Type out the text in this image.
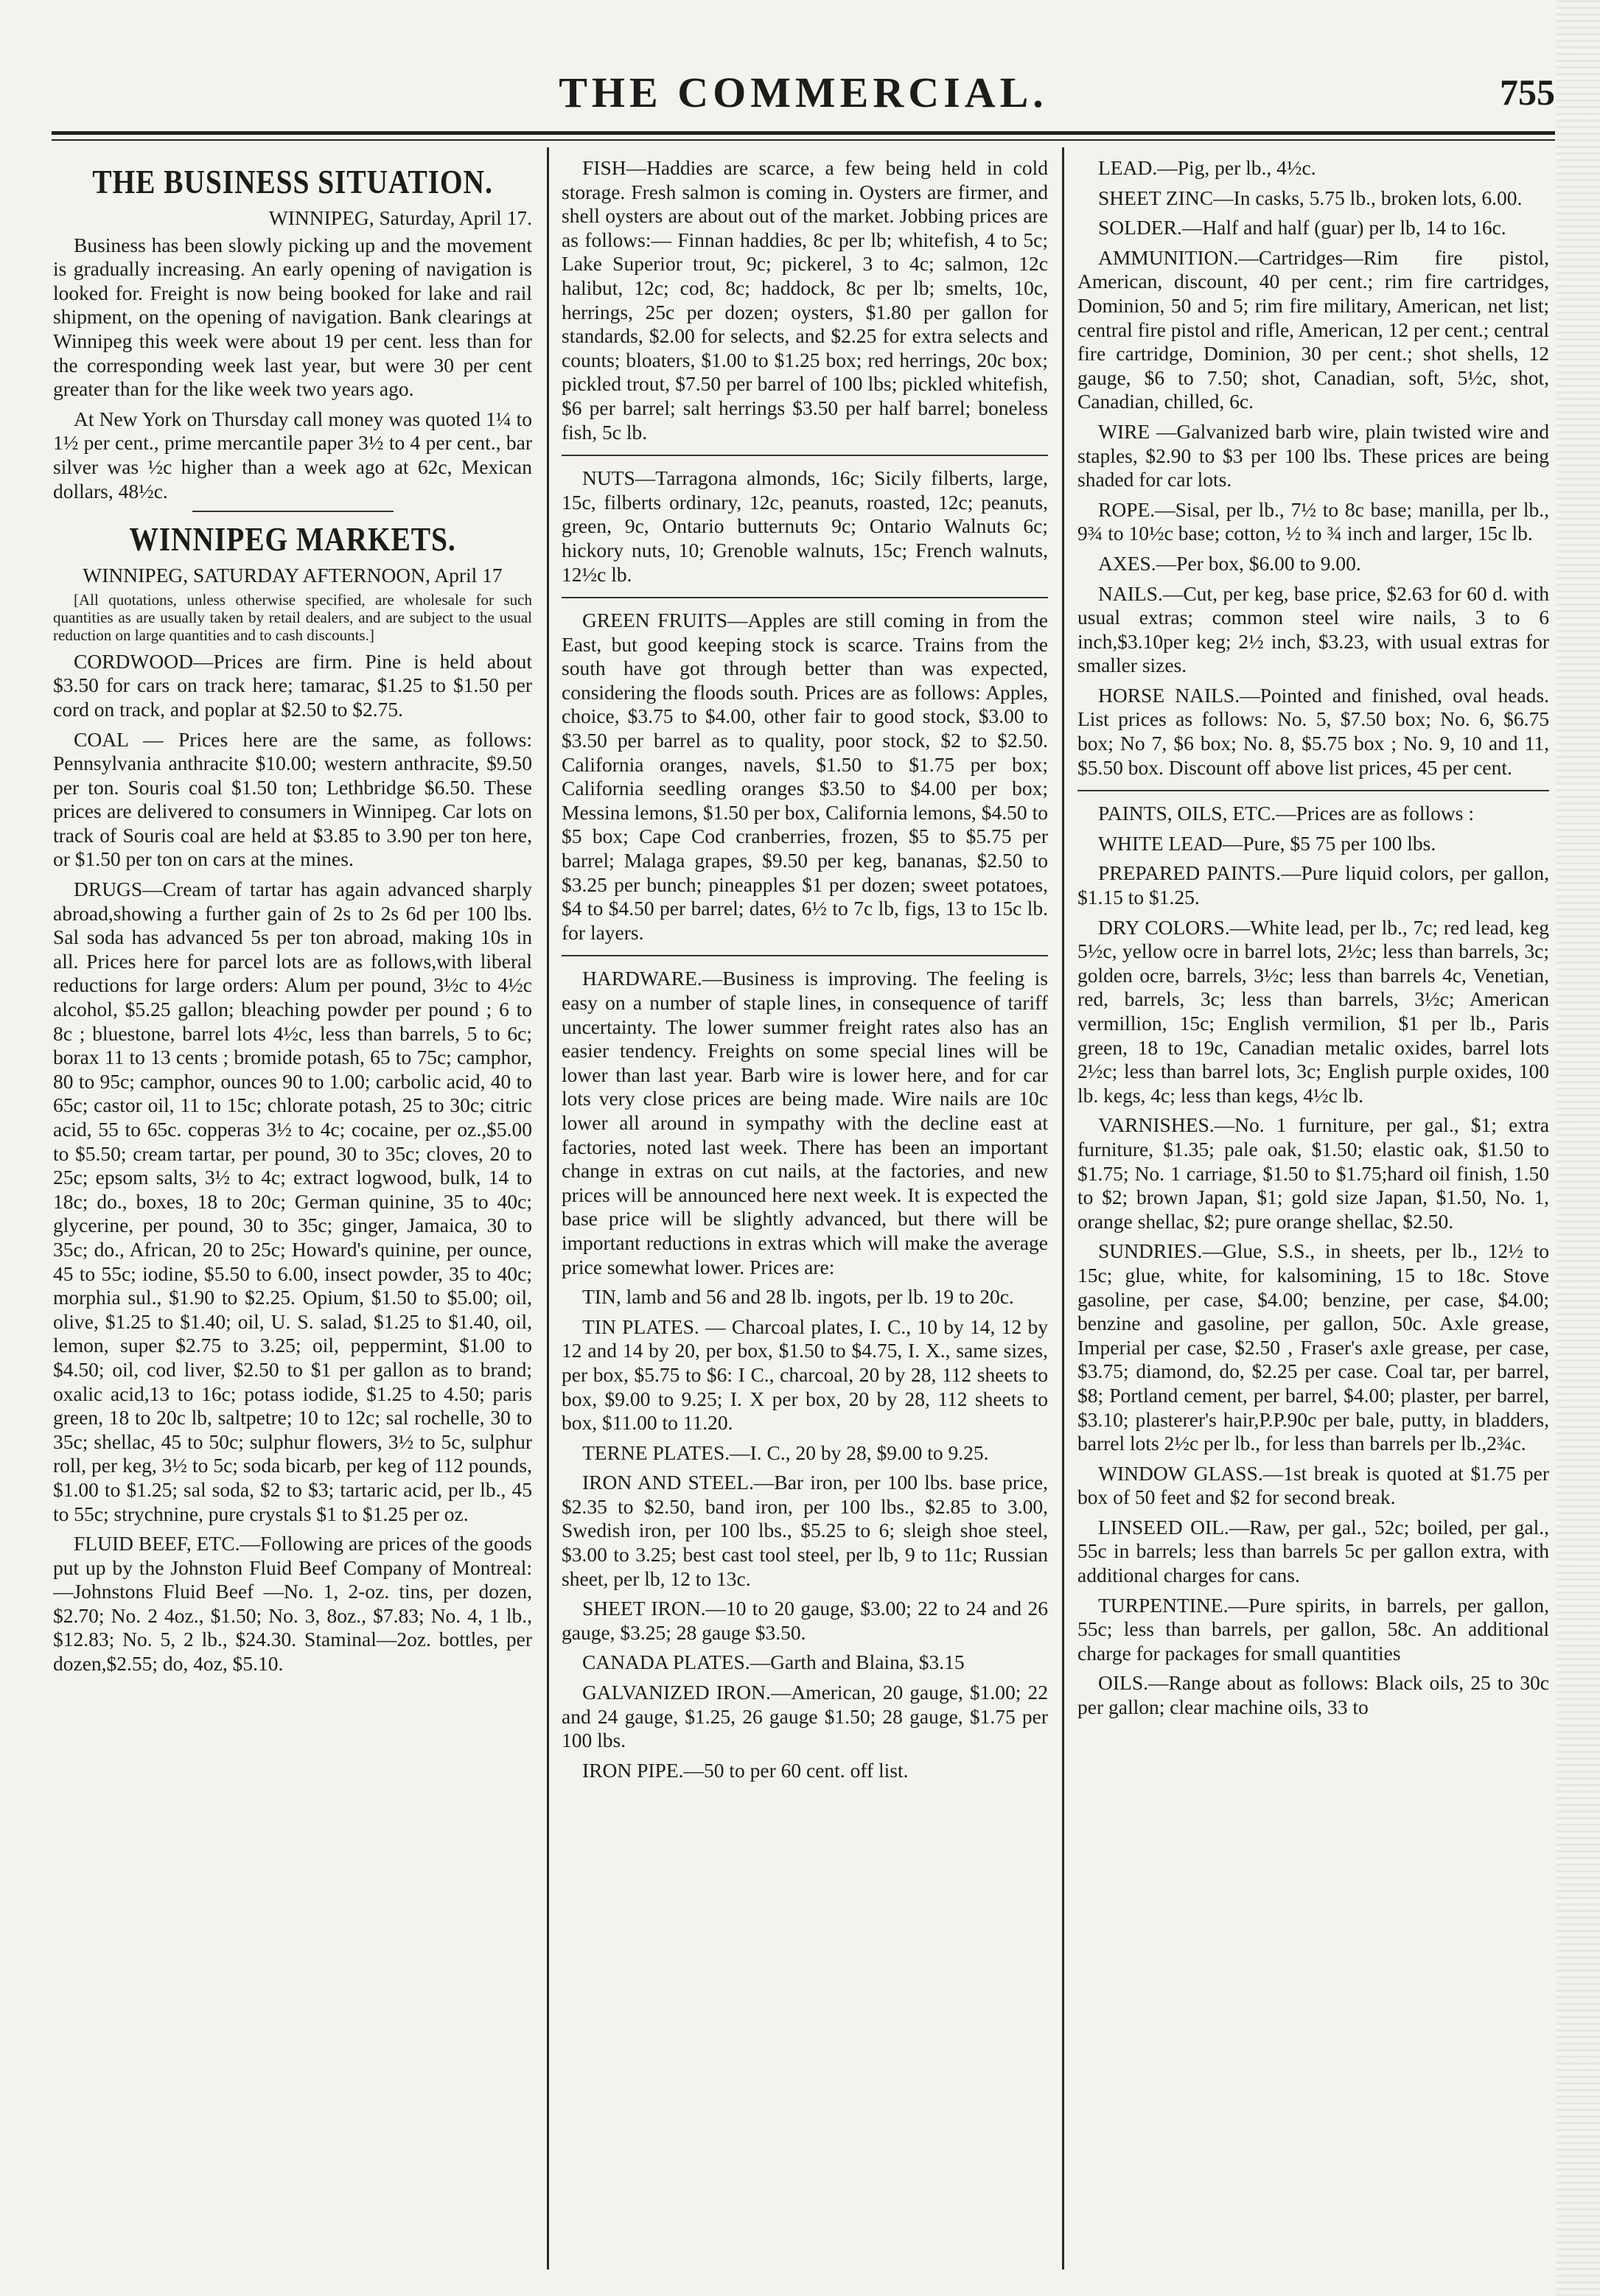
THE COMMERCIAL.	755
THE BUSINESS SITUATION.
WINNIPEG, Saturday, April 17.

Business has been slowly picking up and the movement is gradually increasing. An early opening of navigation is looked for. Freight is now being booked for lake and rail shipment, on the opening of navigation. Bank clearings at Winnipeg this week were about 19 per cent. less than for the corresponding week last year, but were 30 per cent greater than for the like week two years ago.

At New York on Thursday call money was quoted 1¼ to 1½ per cent., prime mercantile paper 3½ to 4 per cent., bar silver was ½c higher than a week ago at 62c, Mexican dollars, 48½c.

WINNIPEG MARKETS.
WINNIPEG, SATURDAY AFTERNOON, April 17

[All quotations, unless otherwise specified, are wholesale for such quantities as are usually taken by retail dealers, and are subject to the usual reduction on large quantities and to cash discounts.]

CORDWOOD—Prices are firm. Pine is held about $3.50 for cars on track here; tamarac, $1.25 to $1.50 per cord on track, and poplar at $2.50 to $2.75.

COAL — Prices here are the same, as follows: Pennsylvania anthracite $10.00; western anthracite, $9.50 per ton. Souris coal $1.50 ton; Lethbridge $6.50. These prices are delivered to consumers in Winnipeg. Car lots on track of Souris coal are held at $3.85 to 3.90 per ton here, or $1.50 per ton on cars at the mines.

DRUGS—Cream of tartar has again advanced sharply abroad,showing a further gain of 2s to 2s 6d per 100 lbs. Sal soda has advanced 5s per ton abroad, making 10s in all. Prices here for parcel lots are as follows,with liberal reductions for large orders: Alum per pound, 3½c to 4½c alcohol, $5.25 gallon; bleaching powder per pound ; 6 to 8c ; bluestone, barrel lots 4½c, less than barrels, 5 to 6c; borax 11 to 13 cents ; bromide potash, 65 to 75c; camphor, 80 to 95c; camphor, ounces 90 to 1.00; carbolic acid, 40 to 65c; castor oil, 11 to 15c; chlorate potash, 25 to 30c; citric acid, 55 to 65c. copperas 3½ to 4c; cocaine, per oz.,$5.00 to $5.50; cream tartar, per pound, 30 to 35c; cloves, 20 to 25c; epsom salts, 3½ to 4c; extract logwood, bulk, 14 to 18c; do., boxes, 18 to 20c; German quinine, 35 to 40c; glycerine, per pound, 30 to 35c; ginger, Jamaica, 30 to 35c; do., African, 20 to 25c; Howard's quinine, per ounce, 45 to 55c; iodine, $5.50 to 6.00, insect powder, 35 to 40c; morphia sul., $1.90 to $2.25. Opium, $1.50 to $5.00; oil, olive, $1.25 to $1.40; oil, U. S. salad, $1.25 to $1.40, oil, lemon, super $2.75 to 3.25; oil, peppermint, $1.00 to $4.50; oil, cod liver, $2.50 to $1 per gallon as to brand; oxalic acid,13 to 16c; potass iodide, $1.25 to 4.50; paris green, 18 to 20c lb, saltpetre; 10 to 12c; sal rochelle, 30 to 35c; shellac, 45 to 50c; sulphur flowers, 3½ to 5c, sulphur roll, per keg, 3½ to 5c; soda bicarb, per keg of 112 pounds, $1.00 to $1.25; sal soda, $2 to $3; tartaric acid, per lb., 45 to 55c; strychnine, pure crystals $1 to $1.25 per oz.

FLUID BEEF, ETC.—Following are prices of the goods put up by the Johnston Fluid Beef Company of Montreal:—Johnstons Fluid Beef —No. 1, 2-oz. tins, per dozen, $2.70; No. 2 4oz., $1.50; No. 3, 8oz., $7.83; No. 4, 1 lb., $12.83; No. 5, 2 lb., $24.30. Staminal—2oz. bottles, per dozen,$2.55; do, 4oz, $5.10.

FISH—Haddies are scarce, a few being held in cold storage. Fresh salmon is coming in. Oysters are firmer, and shell oysters are about out of the market. Jobbing prices are as follows:— Finnan haddies, 8c per lb; whitefish, 4 to 5c; Lake Superior trout, 9c; pickerel, 3 to 4c; salmon, 12c halibut, 12c; cod, 8c; haddock, 8c per lb; smelts, 10c, herrings, 25c per dozen; oysters, $1.80 per gallon for standards, $2.00 for selects, and $2.25 for extra selects and counts; bloaters, $1.00 to $1.25 box; red herrings, 20c box; pickled trout, $7.50 per barrel of 100 lbs; pickled whitefish, $6 per barrel; salt herrings $3.50 per half barrel; boneless fish, 5c lb.

NUTS—Tarragona almonds, 16c; Sicily filberts, large, 15c, filberts ordinary, 12c, peanuts, roasted, 12c; peanuts, green, 9c, Ontario butternuts 9c; Ontario Walnuts 6c; hickory nuts, 10; Grenoble walnuts, 15c; French walnuts, 12½c lb.

GREEN FRUITS—Apples are still coming in from the East, but good keeping stock is scarce. Trains from the south have got through better than was expected, considering the floods south. Prices are as follows: Apples, choice, $3.75 to $4.00, other fair to good stock, $3.00 to $3.50 per barrel as to quality, poor stock, $2 to $2.50. California oranges, navels, $1.50 to $1.75 per box; California seedling oranges $3.50 to $4.00 per box; Messina lemons, $1.50 per box, California lemons, $4.50 to $5 box; Cape Cod cranberries, frozen, $5 to $5.75 per barrel; Malaga grapes, $9.50 per keg, bananas, $2.50 to $3.25 per bunch; pineapples $1 per dozen; sweet potatoes, $4 to $4.50 per barrel; dates, 6½ to 7c lb, figs, 13 to 15c lb. for layers.

HARDWARE.—Business is improving. The feeling is easy on a number of staple lines, in consequence of tariff uncertainty. The lower summer freight rates also has an easier tendency. Freights on some special lines will be lower than last year. Barb wire is lower here, and for car lots very close prices are being made. Wire nails are 10c lower all around in sympathy with the decline east at factories, noted last week. There has been an important change in extras on cut nails, at the factories, and new prices will be announced here next week. It is expected the base price will be slightly advanced, but there will be important reductions in extras which will make the average price somewhat lower. Prices are:

TIN, lamb and 56 and 28 lb. ingots, per lb. 19 to 20c.

TIN PLATES. — Charcoal plates, I. C., 10 by 14, 12 by 12 and 14 by 20, per box, $1.50 to $4.75, I. X., same sizes, per box, $5.75 to $6: I C., charcoal, 20 by 28, 112 sheets to box, $9.00 to 9.25; I. X per box, 20 by 28, 112 sheets to box, $11.00 to 11.20.

TERNE PLATES.—I. C., 20 by 28, $9.00 to 9.25.

IRON AND STEEL.—Bar iron, per 100 lbs. base price, $2.35 to $2.50, band iron, per 100 lbs., $2.85 to 3.00, Swedish iron, per 100 lbs., $5.25 to 6; sleigh shoe steel, $3.00 to 3.25; best cast tool steel, per lb, 9 to 11c; Russian sheet, per lb, 12 to 13c.

SHEET IRON.—10 to 20 gauge, $3.00; 22 to 24 and 26 gauge, $3.25; 28 gauge $3.50.

CANADA PLATES.—Garth and Blaina, $3.15

GALVANIZED IRON.—American, 20 gauge, $1.00; 22 and 24 gauge, $1.25, 26 gauge $1.50; 28 gauge, $1.75 per 100 lbs.

IRON PIPE.—50 to per 60 cent. off list.

LEAD.—Pig, per lb., 4½c.

SHEET ZINC—In casks, 5.75 lb., broken lots, 6.00.

SOLDER.—Half and half (guar) per lb, 14 to 16c.

AMMUNITION.—Cartridges—Rim fire pistol, American, discount, 40 per cent.; rim fire cartridges, Dominion, 50 and 5; rim fire military, American, net list; central fire pistol and rifle, American, 12 per cent.; central fire cartridge, Dominion, 30 per cent.; shot shells, 12 gauge, $6 to 7.50; shot, Canadian, soft, 5½c, shot, Canadian, chilled, 6c.

WIRE —Galvanized barb wire, plain twisted wire and staples, $2.90 to $3 per 100 lbs. These prices are being shaded for car lots.

ROPE.—Sisal, per lb., 7½ to 8c base; manilla, per lb., 9¾ to 10½c base; cotton, ½ to ¾ inch and larger, 15c lb.

AXES.—Per box, $6.00 to 9.00.

NAILS.—Cut, per keg, base price, $2.63 for 60 d. with usual extras; common steel wire nails, 3 to 6 inch,$3.10per keg; 2½ inch, $3.23, with usual extras for smaller sizes.

HORSE NAILS.—Pointed and finished, oval heads. List prices as follows: No. 5, $7.50 box; No. 6, $6.75 box; No 7, $6 box; No. 8, $5.75 box ; No. 9, 10 and 11, $5.50 box. Discount off above list prices, 45 per cent.

PAINTS, OILS, ETC.—Prices are as follows :

WHITE LEAD—Pure, $5 75 per 100 lbs.

PREPARED PAINTS.—Pure liquid colors, per gallon, $1.15 to $1.25.

DRY COLORS.—White lead, per lb., 7c; red lead, keg 5½c, yellow ocre in barrel lots, 2½c; less than barrels, 3c; golden ocre, barrels, 3½c; less than barrels 4c, Venetian, red, barrels, 3c; less than barrels, 3½c; American vermillion, 15c; English vermilion, $1 per lb., Paris green, 18 to 19c, Canadian metalic oxides, barrel lots 2½c; less than barrel lots, 3c; English purple oxides, 100 lb. kegs, 4c; less than kegs, 4½c lb.

VARNISHES.—No. 1 furniture, per gal., $1; extra furniture, $1.35; pale oak, $1.50; elastic oak, $1.50 to $1.75; No. 1 carriage, $1.50 to $1.75;hard oil finish, 1.50 to $2; brown Japan, $1; gold size Japan, $1.50, No. 1, orange shellac, $2; pure orange shellac, $2.50.

SUNDRIES.—Glue, S.S., in sheets, per lb., 12½ to 15c; glue, white, for kalsomining, 15 to 18c. Stove gasoline, per case, $4.00; benzine, per case, $4.00; benzine and gasoline, per gallon, 50c. Axle grease, Imperial per case, $2.50 , Fraser's axle grease, per case, $3.75; diamond, do, $2.25 per case. Coal tar, per barrel, $8; Portland cement, per barrel, $4.00; plaster, per barrel, $3.10; plasterer's hair,P.P.90c per bale, putty, in bladders, barrel lots 2½c per lb., for less than barrels per lb.,2¾c.

WINDOW GLASS.—1st break is quoted at $1.75 per box of 50 feet and $2 for second break.

LINSEED OIL.—Raw, per gal., 52c; boiled, per gal., 55c in barrels; less than barrels 5c per gallon extra, with additional charges for cans.

TURPENTINE.—Pure spirits, in barrels, per gallon, 55c; less than barrels, per gallon, 58c. An additional charge for packages for small quantities

OILS.—Range about as follows: Black oils, 25 to 30c per gallon; clear machine oils, 33 to
